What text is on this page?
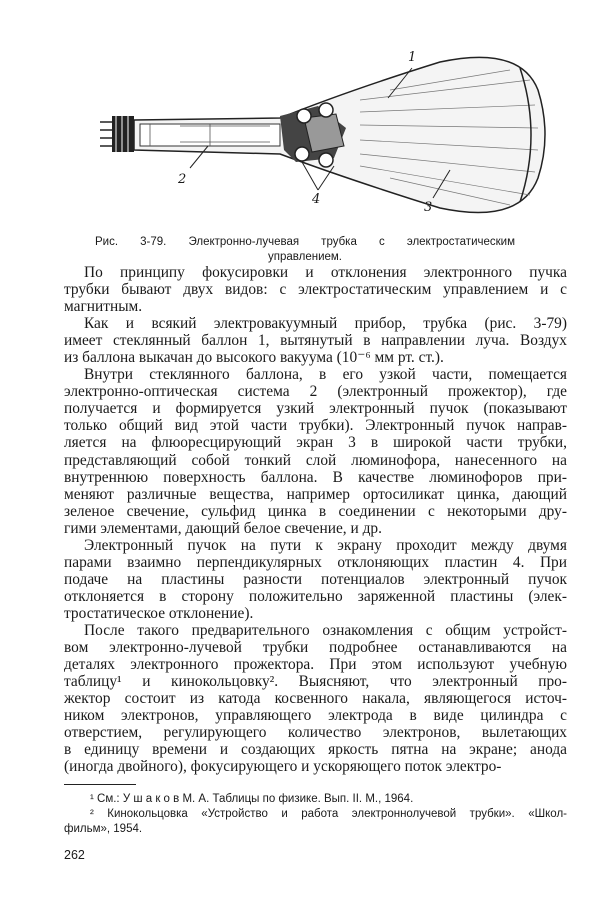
1
2
3
4
Рис. 3-79. Электронно-лучевая трубка с электростатическим
управлением.
По принципу фокусировки и отклонения электронного пучка
трубки бывают двух видов: с электростатическим управлением и с
магнитным.
Как и всякий электровакуумный прибор, трубка (рис. 3-79)
имеет стеклянный баллон 1, вытянутый в направлении луча. Воздух
из баллона выкачан до высокого вакуума (10⁻⁶ мм рт. ст.).
Внутри стеклянного баллона, в его узкой части, помещается
электронно-оптическая система 2 (электронный прожектор), где
получается и формируется узкий электронный пучок (показывают
только общий вид этой части трубки). Электронный пучок направ-
ляется на флюоресцирующий экран 3 в широкой части трубки,
представляющий собой тонкий слой люминофора, нанесенного на
внутреннюю поверхность баллона. В качестве люминофоров при-
меняют различные вещества, например ортосиликат цинка, дающий
зеленое свечение, сульфид цинка в соединении с некоторыми дру-
гими элементами, дающий белое свечение, и др.
Электронный пучок на пути к экрану проходит между двумя
парами взаимно перпендикулярных отклоняющих пластин 4. При
подаче на пластины разности потенциалов электронный пучок
отклоняется в сторону положительно заряженной пластины (элек-
тростатическое отклонение).
После такого предварительного ознакомления с общим устройст-
вом электронно-лучевой трубки подробнее останавливаются на
деталях электронного прожектора. При этом используют учебную
таблицу¹ и кинокольцовку². Выясняют, что электронный про-
жектор состоит из катода косвенного накала, являющегося источ-
ником электронов, управляющего электрода в виде цилиндра с
отверстием, регулирующего количество электронов, вылетающих
в единицу времени и создающих яркость пятна на экране; анода
(иногда двойного), фокусирующего и ускоряющего поток электро-
¹ См.: У ш а к о в М. А. Таблицы по физике. Вып. II. М., 1964.
² Кинокольцовка «Устройство и работа электроннолучевой трубки». «Школ-
фильм», 1954.
262
